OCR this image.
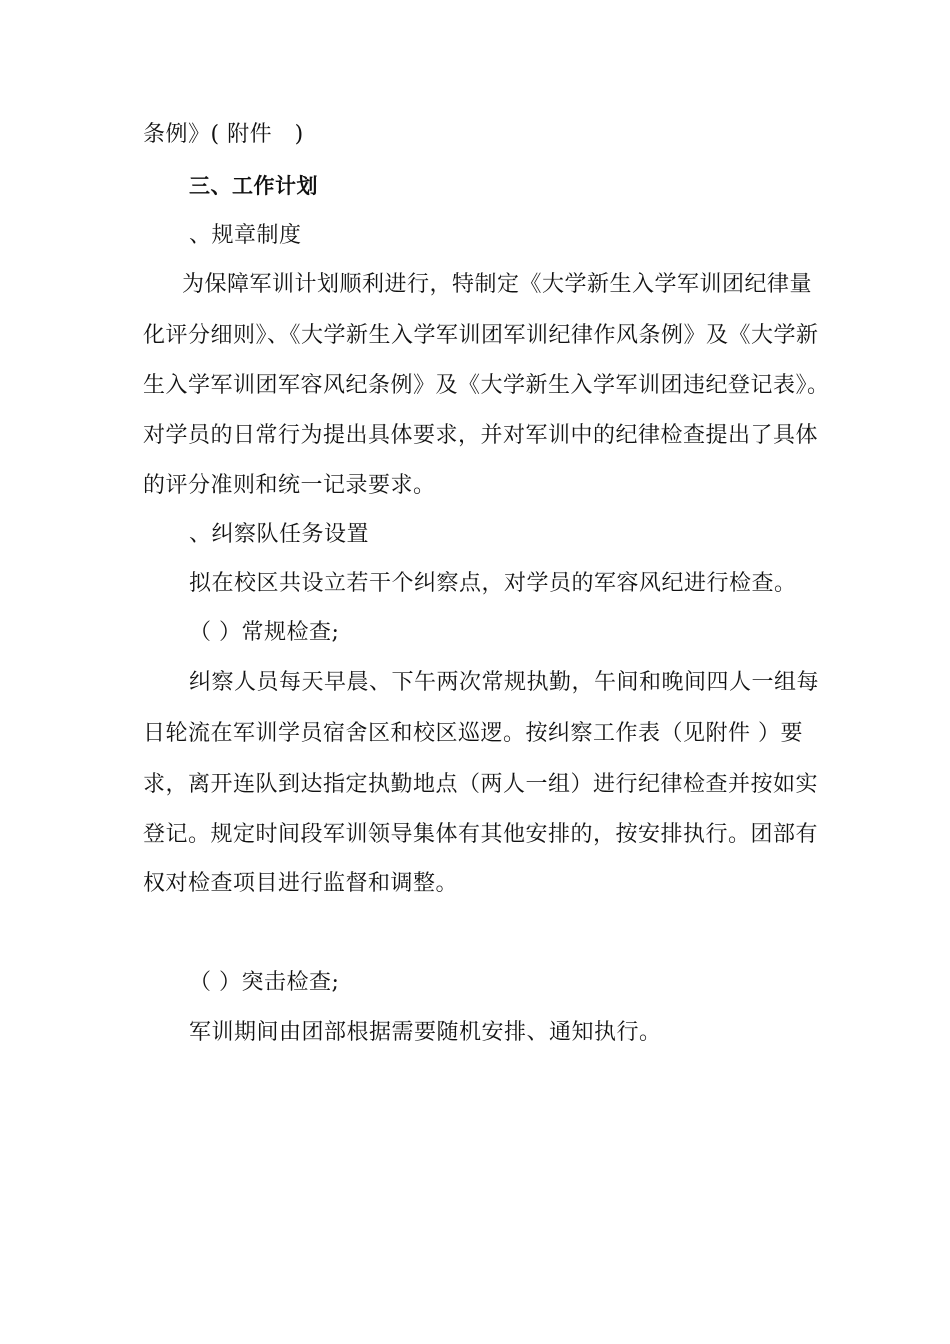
条例》( 附件　)
三、工作计划
、规章制度
为保障军训计划顺利进行，特制定《大学新生入学军训团纪律量
化评分细则》、《大学新生入学军训团军训纪律作风条例》及《大学新
生入学军训团军容风纪条例》及《大学新生入学军训团违纪登记表》。
对学员的日常行为提出具体要求，并对军训中的纪律检查提出了具体
的评分准则和统一记录要求。
、纠察队任务设置
拟在校区共设立若干个纠察点，对学员的军容风纪进行检查。
（ ）常规检查;
纠察人员每天早晨、下午两次常规执勤，午间和晚间四人一组每
日轮流在军训学员宿舍区和校区巡逻。按纠察工作表（见附件 ）要
求，离开连队到达指定执勤地点（两人一组）进行纪律检查并按如实
登记。规定时间段军训领导集体有其他安排的，按安排执行。团部有
权对检查项目进行监督和调整。
（ ）突击检查;
军训期间由团部根据需要随机安排、通知执行。
